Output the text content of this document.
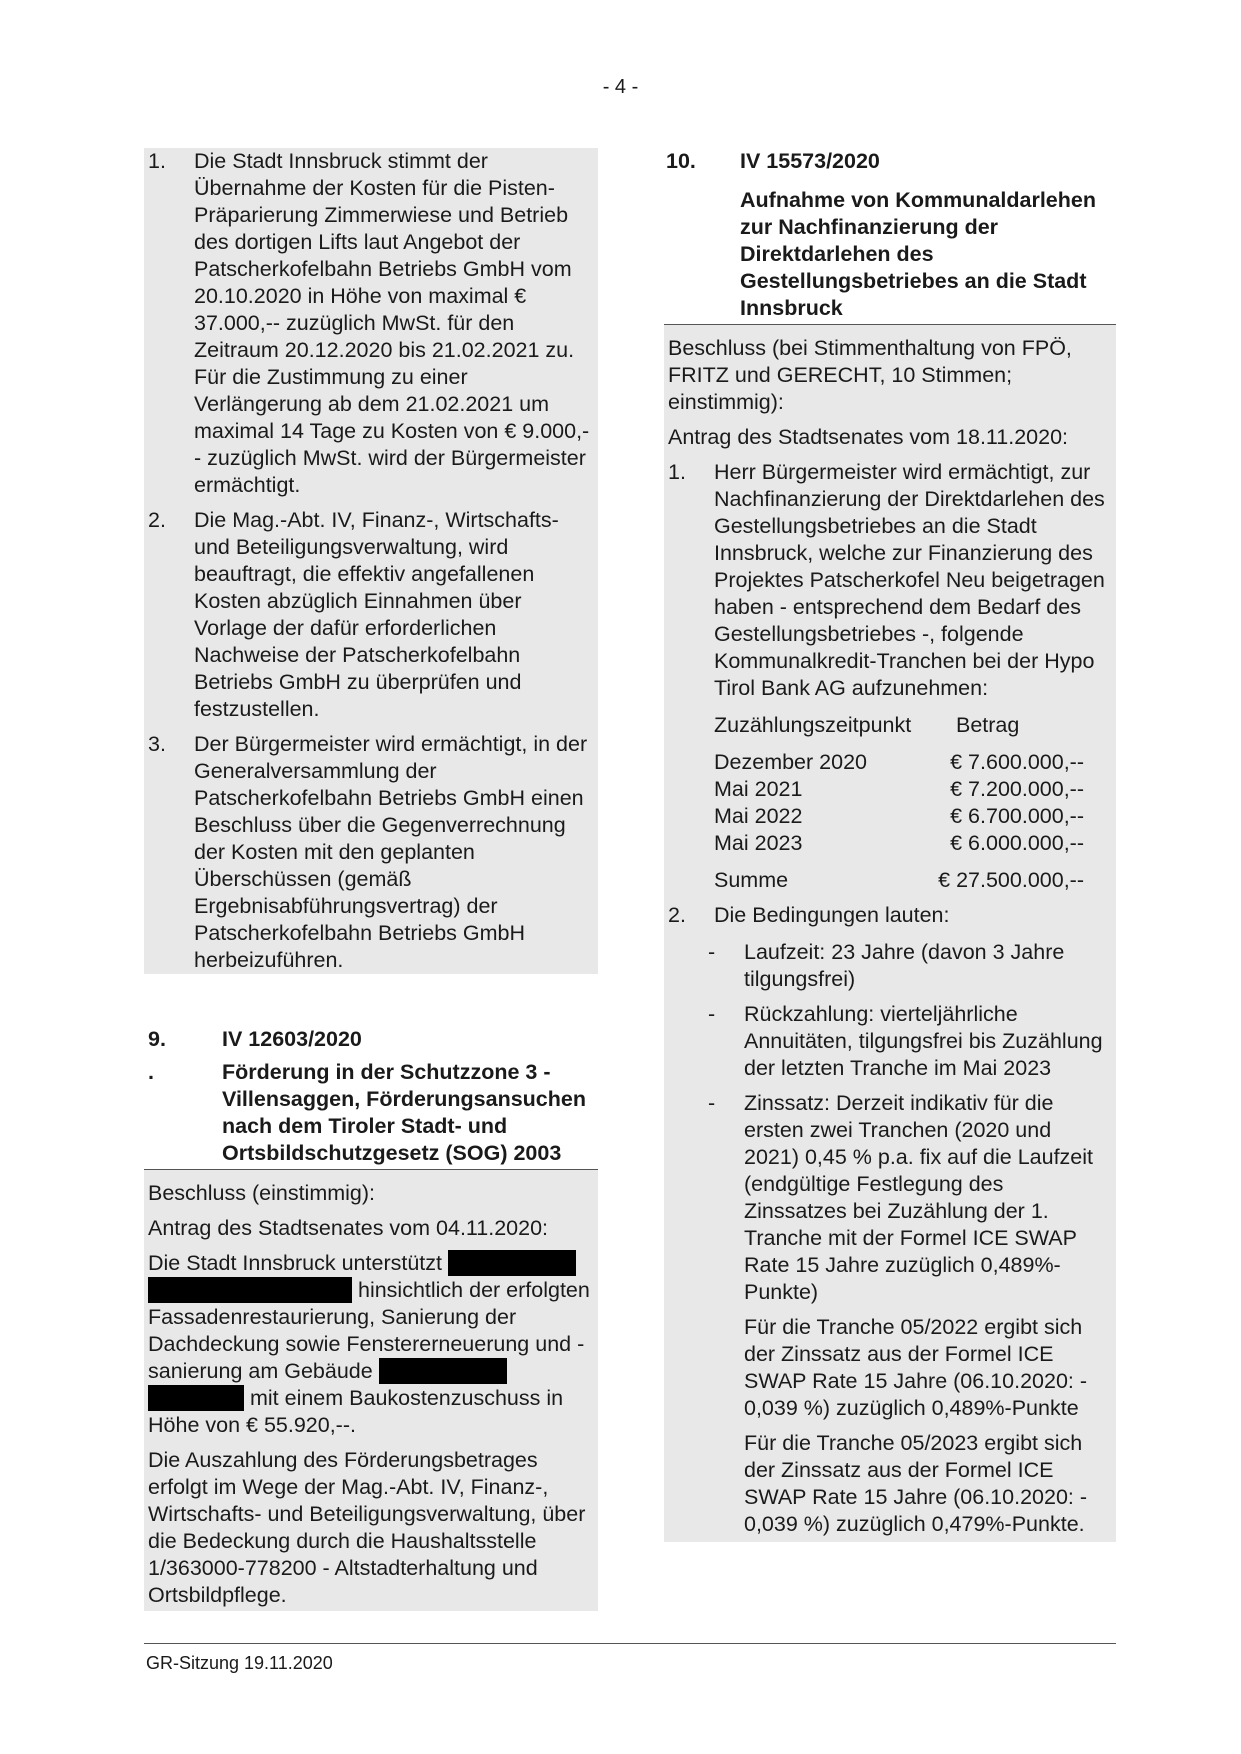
- 4 -
1.	Die Stadt Innsbruck stimmt der Übernahme der Kosten für die Pisten-Präparierung Zimmerwiese und Betrieb des dortigen Lifts laut Angebot der Patscherkofelbahn Betriebs GmbH vom 20.10.2020 in Höhe von maximal € 37.000,-- zuzüglich MwSt. für den Zeitraum 20.12.2020 bis 21.02.2021 zu. Für die Zustimmung zu einer Verlängerung ab dem 21.02.2021 um maximal 14 Tage zu Kosten von € 9.000,-- zuzüglich MwSt. wird der Bürgermeister ermächtigt.
2.	Die Mag.-Abt. IV, Finanz-, Wirtschafts- und Beteiligungsverwaltung, wird beauftragt, die effektiv angefallenen Kosten abzüglich Einnahmen über Vorlage der dafür erforderlichen Nachweise der Patscherkofelbahn Betriebs GmbH zu überprüfen und festzustellen.
3.	Der Bürgermeister wird ermächtigt, in der Generalversammlung der Patscherkofelbahn Betriebs GmbH einen Beschluss über die Gegenverrechnung der Kosten mit den geplanten Überschüssen (gemäß Ergebnisabführungsvertrag) der Patscherkofelbahn Betriebs GmbH herbeizuführen.
9.	IV 12603/2020
.	Förderung in der Schutzzone 3 - Villensaggen, Förderungsansuchen nach dem Tiroler Stadt- und Ortsbildschutzgesetz (SOG) 2003

Beschluss (einstimmig):

Antrag des Stadtsenates vom 04.11.2020:

Die Stadt Innsbruck unterstützt   hinsichtlich der erfolgten Fassadenrestaurierung, Sanierung der Dachdeckung sowie Fenstererneuerung und -sanierung am Gebäude   mit einem Baukostenzuschuss in Höhe von € 55.920,--.

Die Auszahlung des Förderungsbetrages erfolgt im Wege der Mag.-Abt. IV, Finanz-, Wirtschafts- und Beteiligungsverwaltung, über die Bedeckung durch die Haushaltsstelle 1/363000-778200 - Altstadterhaltung und Ortsbildpflege.

10.	IV 15573/2020
Aufnahme von Kommunaldarlehen zur Nachfinanzierung der Direktdarlehen des Gestellungsbetriebes an die Stadt Innsbruck

Beschluss (bei Stimmenthaltung von FPÖ, FRITZ und GERECHT, 10 Stimmen; einstimmig):

Antrag des Stadtsenates vom 18.11.2020:

1.	Herr Bürgermeister wird ermächtigt, zur Nachfinanzierung der Direktdarlehen des Gestellungsbetriebes an die Stadt Innsbruck, welche zur Finanzierung des Projektes Patscherkofel Neu beigetragen haben - entsprechend dem Bedarf des Gestellungsbetriebes -, folgende Kommunalkredit-Tranchen bei der Hypo Tirol Bank AG aufzunehmen:
Zuzählungszeitpunkt	Betrag
Dezember 2020	€ 7.600.000,--
Mai 2021	€ 7.200.000,--
Mai 2022	€ 6.700.000,--
Mai 2023	€ 6.000.000,--
Summe	€ 27.500.000,--
2.	Die Bedingungen lauten:
-	Laufzeit: 23 Jahre (davon 3 Jahre tilgungsfrei)
-	Rückzahlung: vierteljährliche Annuitäten, tilgungsfrei bis Zuzählung der letzten Tranche im Mai 2023
-	Zinssatz: Derzeit indikativ für die ersten zwei Tranchen (2020 und 2021) 0,45 % p.a. fix auf die Laufzeit (endgültige Festlegung des Zinssatzes bei Zuzählung der 1. Tranche mit der Formel ICE SWAP Rate 15 Jahre zuzüglich 0,489%-Punkte)
Für die Tranche 05/2022 ergibt sich der Zinssatz aus der Formel ICE SWAP Rate 15 Jahre (06.10.2020: - 0,039 %) zuzüglich 0,489%-Punkte
Für die Tranche 05/2023 ergibt sich der Zinssatz aus der Formel ICE SWAP Rate 15 Jahre (06.10.2020: - 0,039 %) zuzüglich 0,479%-Punkte.
GR-Sitzung 19.11.2020
